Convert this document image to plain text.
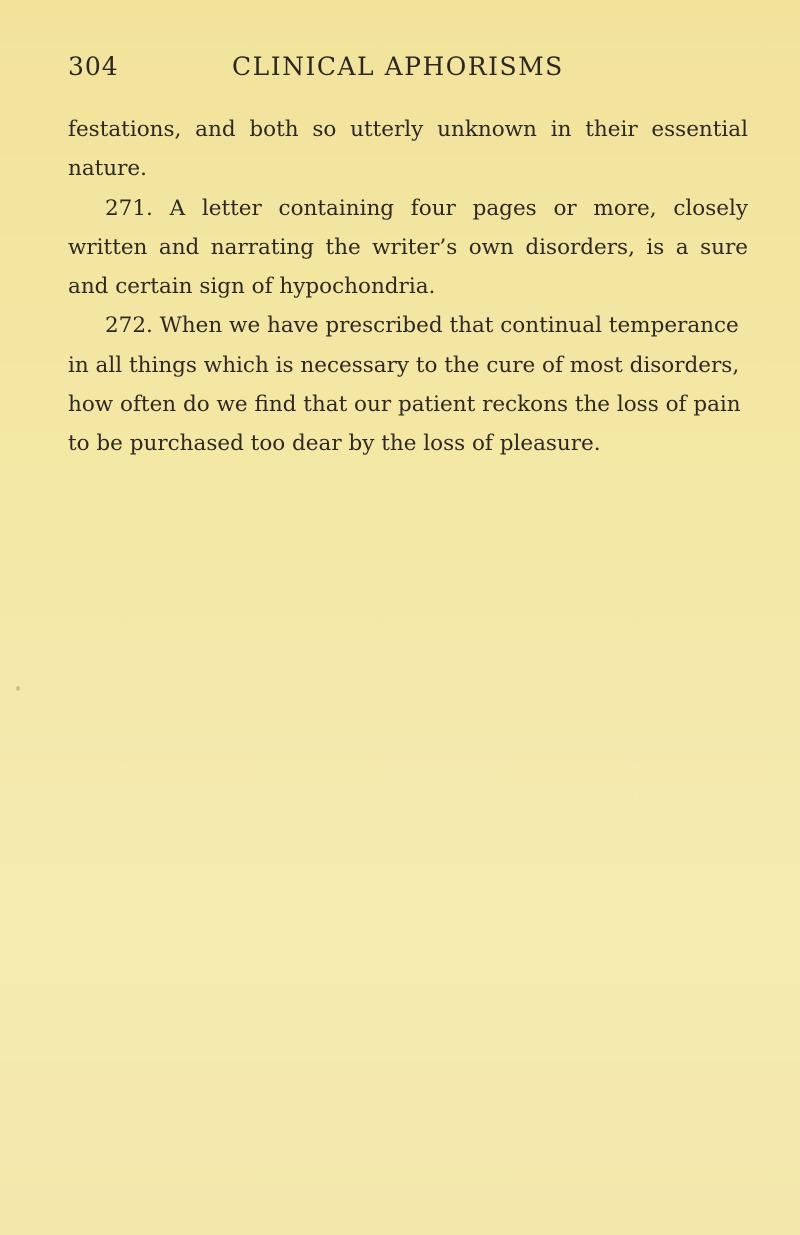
304	CLINICAL APHORISMS

festations, and both so utterly unknown in their essential nature.

271. A letter containing four pages or more, closely written and narrating the writer’s own disorders, is a sure and certain sign of hypochondria.

272. When we have prescribed that continual temperance in all things which is necessary to the cure of most disorders, how often do we find that our patient reckons the loss of pain to be purchased too dear by the loss of pleasure.
